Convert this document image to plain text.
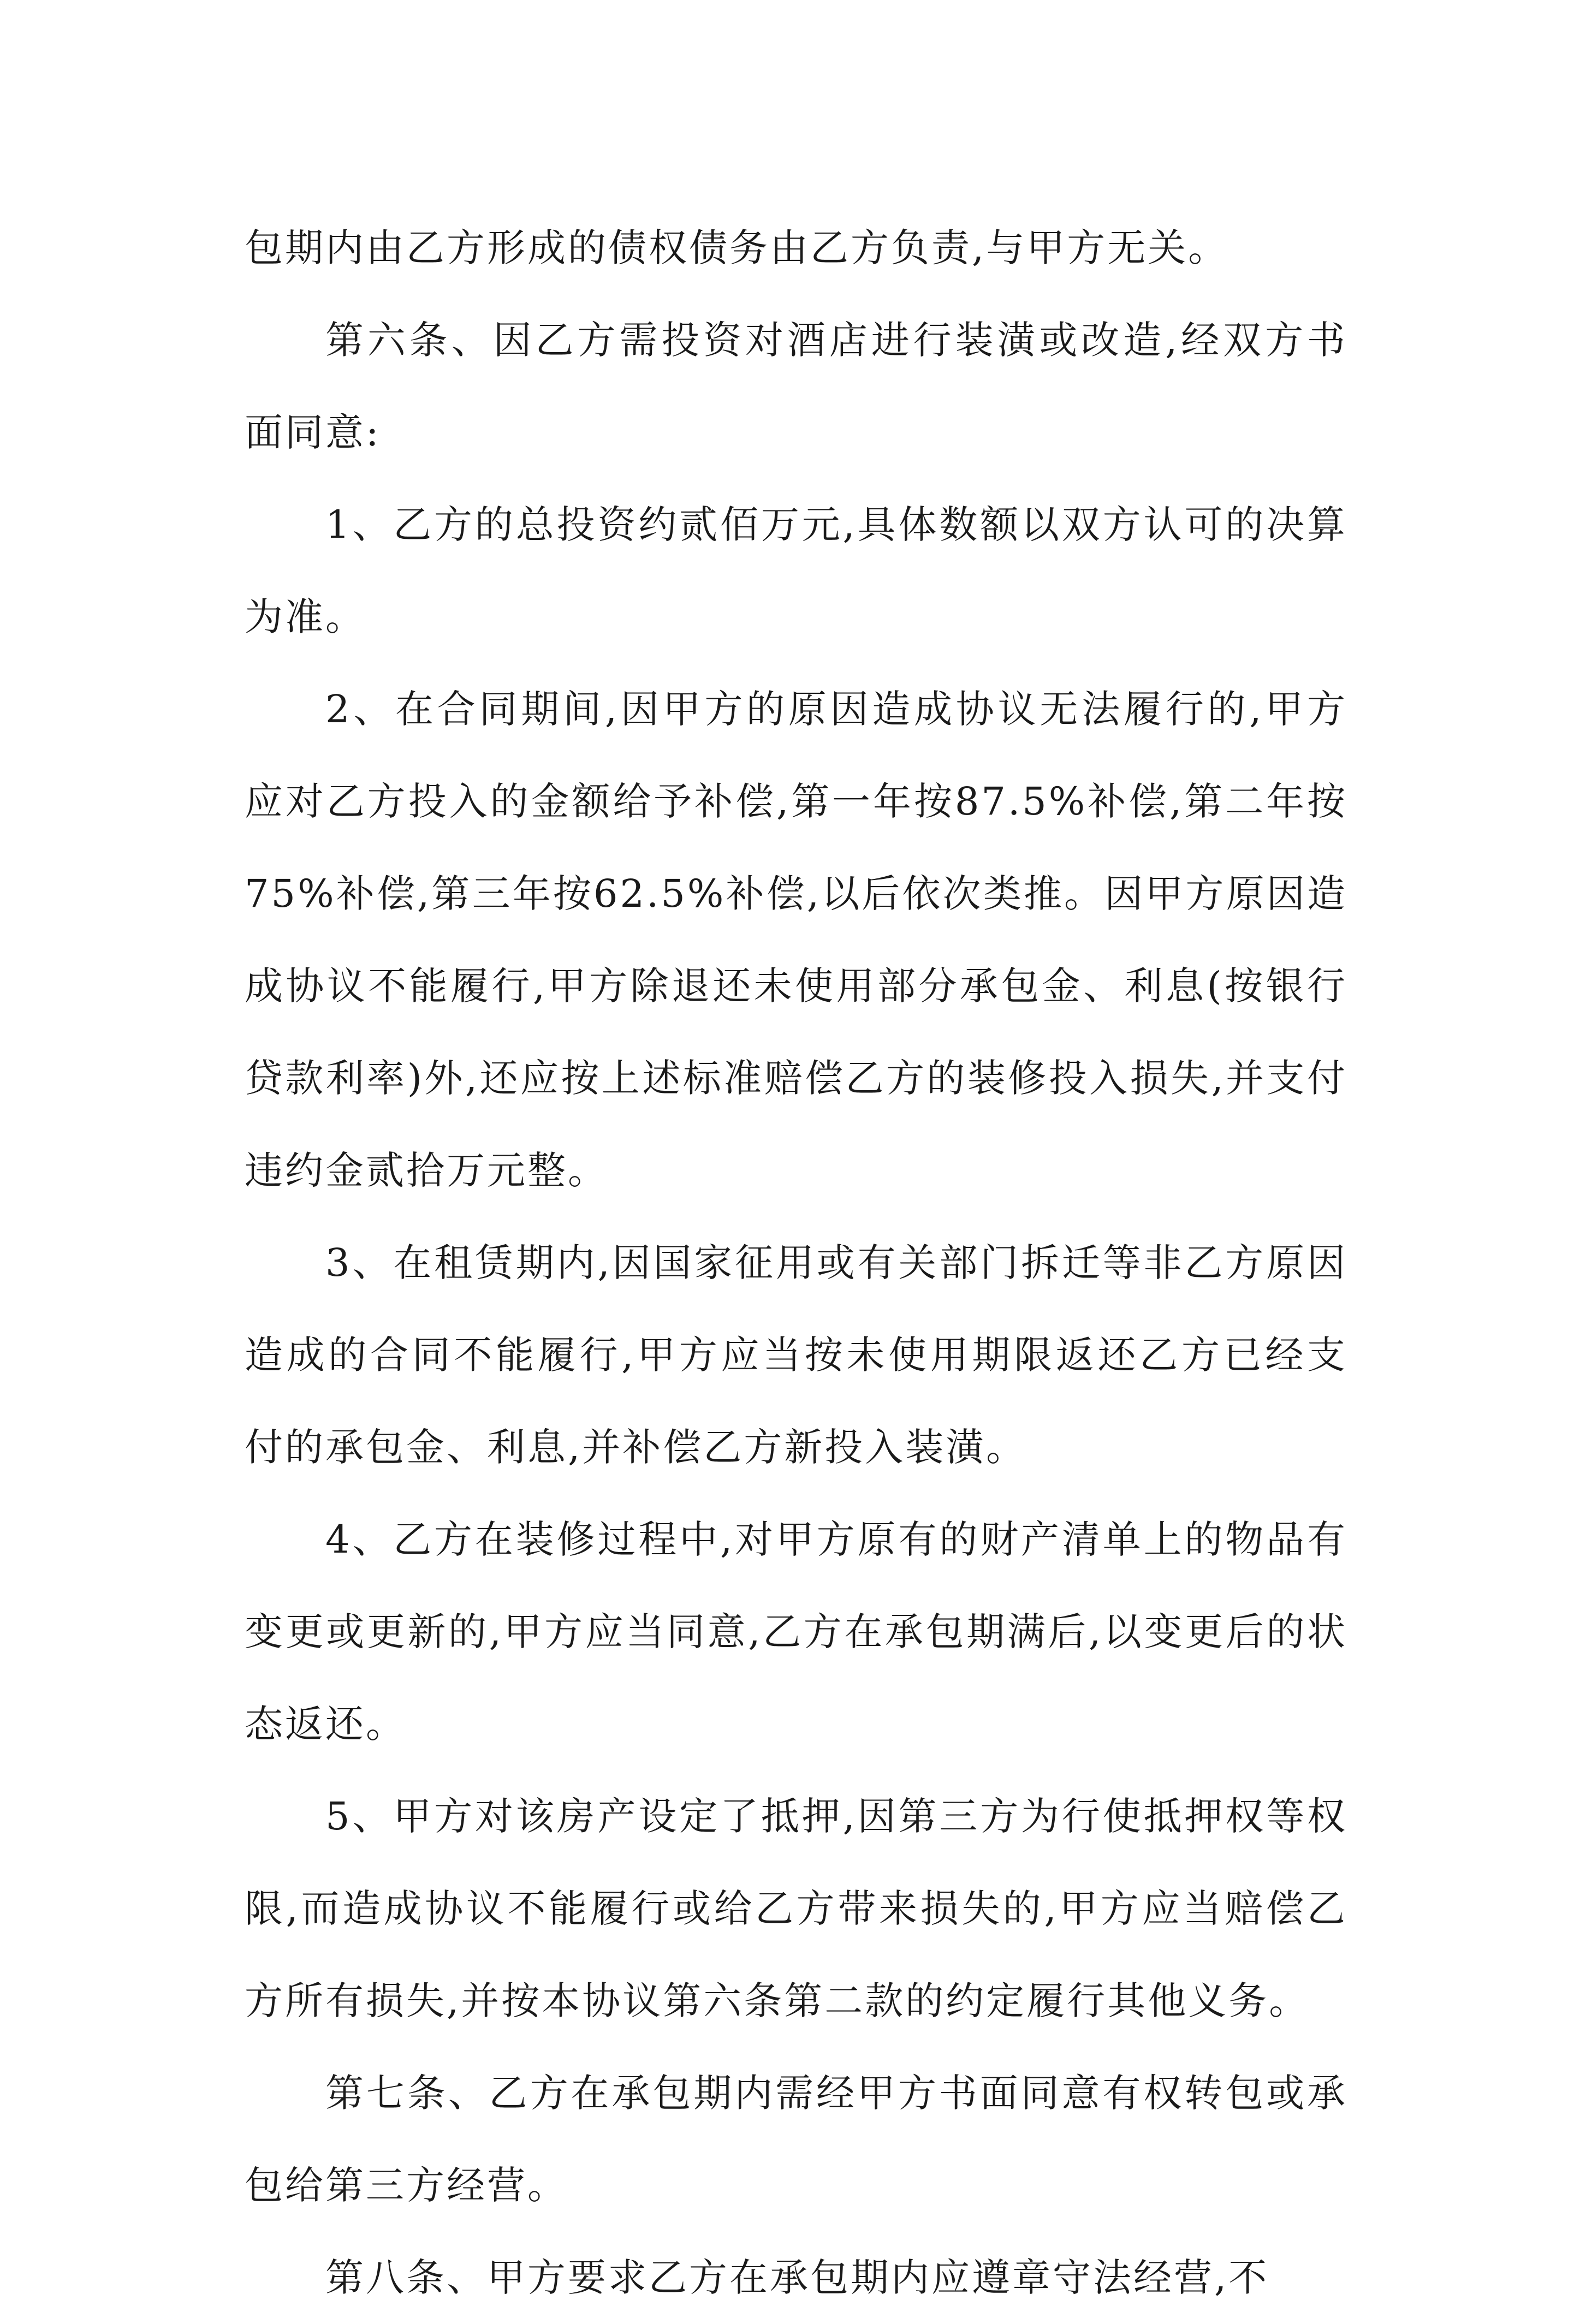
包期内由乙方形成的债权债务由乙方负责,与甲方无关。

第六条、因乙方需投资对酒店进行装潢或改造,经双方书面同意:

1、乙方的总投资约贰佰万元,具体数额以双方认可的决算为准。

2、在合同期间,因甲方的原因造成协议无法履行的,甲方应对乙方投入的金额给予补偿,第一年按87.5%补偿,第二年按75%补偿,第三年按62.5%补偿,以后依次类推。因甲方原因造成协议不能履行,甲方除退还未使用部分承包金、利息(按银行贷款利率)外,还应按上述标准赔偿乙方的装修投入损失,并支付违约金贰拾万元整。

3、在租赁期内,因国家征用或有关部门拆迁等非乙方原因造成的合同不能履行,甲方应当按未使用期限返还乙方已经支付的承包金、利息,并补偿乙方新投入装潢。

4、乙方在装修过程中,对甲方原有的财产清单上的物品有变更或更新的,甲方应当同意,乙方在承包期满后,以变更后的状态返还。

5、甲方对该房产设定了抵押,因第三方为行使抵押权等权限,而造成协议不能履行或给乙方带来损失的,甲方应当赔偿乙方所有损失,并按本协议第六条第二款的约定履行其他义务。

第七条、乙方在承包期内需经甲方书面同意有权转包或承包给第三方经营。

第八条、甲方要求乙方在承包期内应遵章守法经营,不
